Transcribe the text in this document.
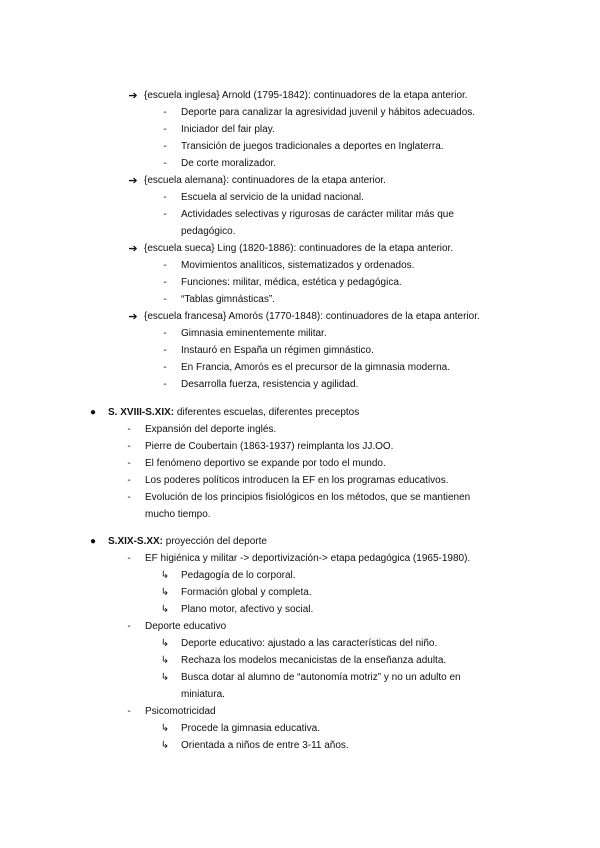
➔ {escuela inglesa} Arnold (1795-1842): continuadores de la etapa anterior.
-	Deporte para canalizar la agresividad juvenil y hábitos adecuados.
-	Iniciador del fair play.
-	Transición de juegos tradicionales a deportes en Inglaterra.
-	De corte moralizador.
➔ {escuela alemana}: continuadores de la etapa anterior.
-	Escuela al servicio de la unidad nacional.
-	Actividades selectivas y rigurosas de carácter militar más que
pedagógico.
➔ {escuela sueca} Ling (1820-1886): continuadores de la etapa anterior.
-	Movimientos analíticos, sistematizados y ordenados.
-	Funciones: militar, médica, estética y pedagógica.
-	“Tablas gimnásticas”.
➔ {escuela francesa} Amorós (1770-1848): continuadores de la etapa anterior.
-	Gimnasia eminentemente militar.
-	Instauró en España un régimen gimnástico.
-	En Francia, Amorós es el precursor de la gimnasia moderna.
-	Desarrolla fuerza, resistencia y agilidad.
●	S. XVIII-S.XIX: diferentes escuelas, diferentes preceptos
-	Expansión del deporte inglés.
-	Pierre de Coubertain (1863-1937) reimplanta los JJ.OO.
-	El fenómeno deportivo se expande por todo el mundo.
-	Los poderes políticos introducen la EF en los programas educativos.
-	Evolución de los principios fisiológicos en los métodos, que se mantienen
mucho tiempo.
●	S.XIX-S.XX: proyección del deporte
-	EF higiénica y militar -> deportivización-> etapa pedagógica (1965-1980).
↳ Pedagogía de lo corporal.
↳ Formación global y completa.
↳ Plano motor, afectivo y social.
-	Deporte educativo
↳ Deporte educativo: ajustado a las características del niño.
↳ Rechaza los modelos mecanicistas de la enseñanza adulta.
↳ Busca dotar al alumno de “autonomía motriz” y no un adulto en
miniatura.
-	Psicomotricidad
↳ Procede la gimnasia educativa.
↳ Orientada a niños de entre 3-11 años.
